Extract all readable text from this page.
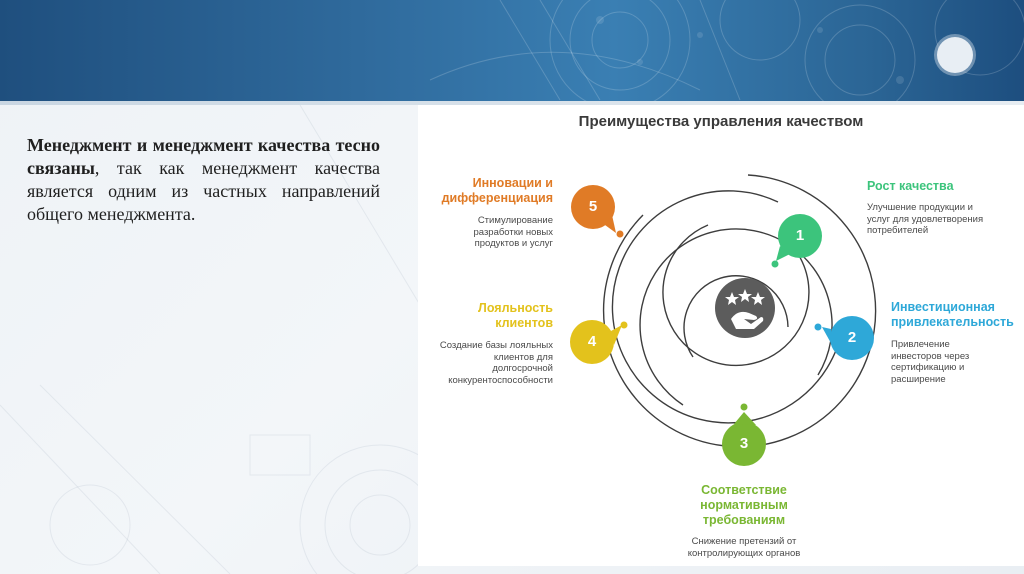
Менеджмент и менеджмент качества тесно связаны, так как менеджмент качества является одним из частных направлений общего менеджмента.
Преимущества управления качеством
1
2
3
4
5
Рост качества
Улучшение продукции и услуг для удовлетворения потребителей
Инвестиционная привлекательность
Привлечение инвесторов через сертификацию и расширение
Соответствие нормативным требованиям
Снижение претензий от контролирующих органов
Лояльность клиентов
Создание базы лояльных клиентов для долгосрочной конкурентоспособности
Инновации и дифференциация
Стимулирование разработки новых продуктов и услуг
